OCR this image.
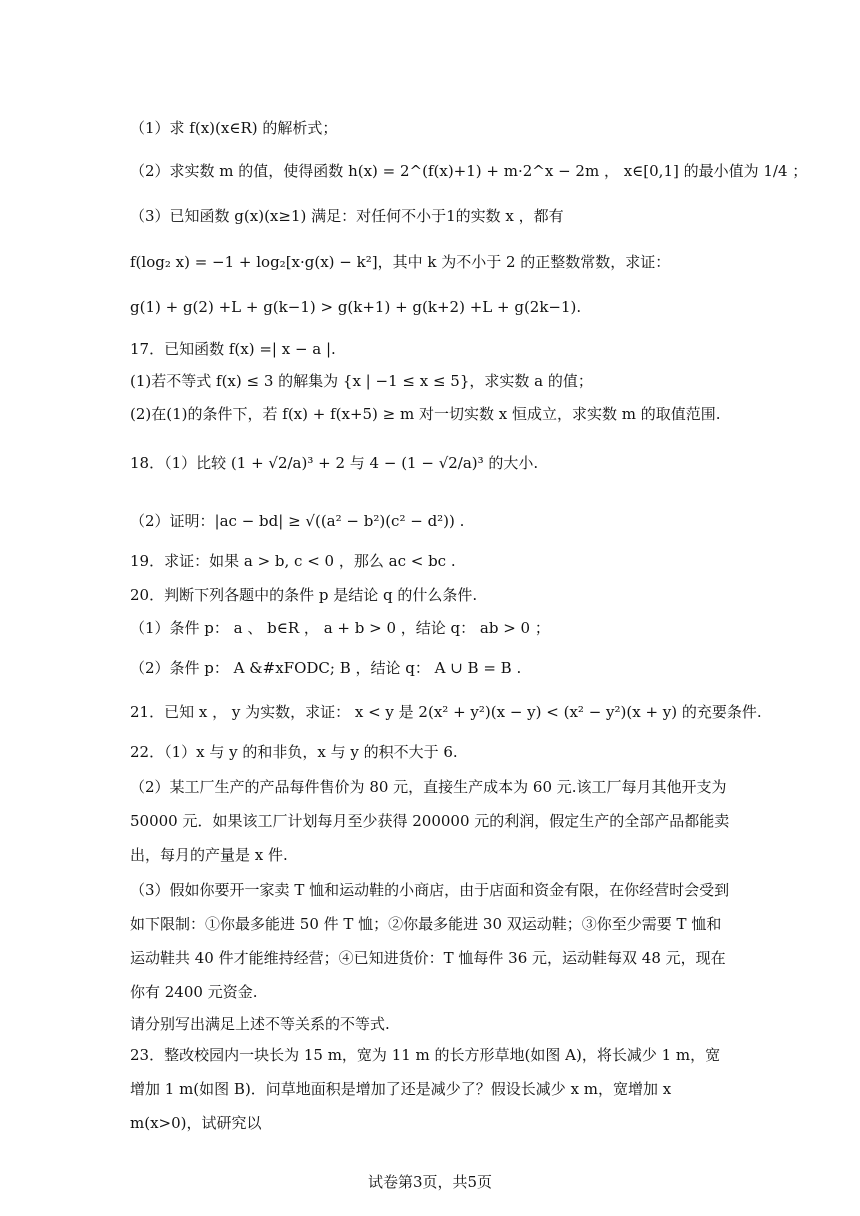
（1）求 f(x)(x∈R) 的解析式；
（2）求实数 m 的值，使得函数 h(x) = 2^(f(x)+1) + m·2^x − 2m ， x∈[0,1] 的最小值为 1/4 ；
（3）已知函数 g(x)(x≥1) 满足：对任何不小于1的实数 x ，都有
f(log₂ x) = −1 + log₂[x·g(x) − k²]，其中 k 为不小于 2 的正整数常数，求证：
g(1) + g(2) +L + g(k−1) > g(k+1) + g(k+2) +L + g(2k−1).
17．已知函数 f(x) =| x − a |.
(1)若不等式 f(x) ≤ 3 的解集为 {x | −1 ≤ x ≤ 5}，求实数 a 的值；
(2)在(1)的条件下，若 f(x) + f(x+5) ≥ m 对一切实数 x 恒成立，求实数 m 的取值范围.
18．（1）比较 (1 + √2/a)³ + 2 与 4 − (1 − √2/a)³ 的大小.
（2）证明：|ac − bd| ≥ √((a² − b²)(c² − d²)) .
19．求证：如果 a > b, c < 0 ，那么 ac < bc .
20．判断下列各题中的条件 p 是结论 q 的什么条件.
（1）条件 p： a 、 b∈R ， a + b > 0 ，结论 q： ab > 0 ；
（2）条件 p： A &#xFODC; B ，结论 q： A ∪ B = B .
21．已知 x ， y 为实数，求证： x < y 是 2(x² + y²)(x − y) < (x² − y²)(x + y) 的充要条件.
22．（1）x 与 y 的和非负，x 与 y 的积不大于 6.
（2）某工厂生产的产品每件售价为 80 元，直接生产成本为 60 元.该工厂每月其他开支为 50000 元．如果该工厂计划每月至少获得 200000 元的利润，假定生产的全部产品都能卖出，每月的产量是 x 件.
（3）假如你要开一家卖 T 恤和运动鞋的小商店，由于店面和资金有限，在你经营时会受到如下限制：①你最多能进 50 件 T 恤；②你最多能进 30 双运动鞋；③你至少需要 T 恤和运动鞋共 40 件才能维持经营；④已知进货价：T 恤每件 36 元，运动鞋每双 48 元，现在你有 2400 元资金.
请分别写出满足上述不等关系的不等式.
23．整改校园内一块长为 15 m，宽为 11 m 的长方形草地(如图 A)，将长减少 1 m，宽增加 1 m(如图 B)．问草地面积是增加了还是减少了？假设长减少 x m，宽增加 x m(x>0)，试研究以
试卷第3页，共5页
